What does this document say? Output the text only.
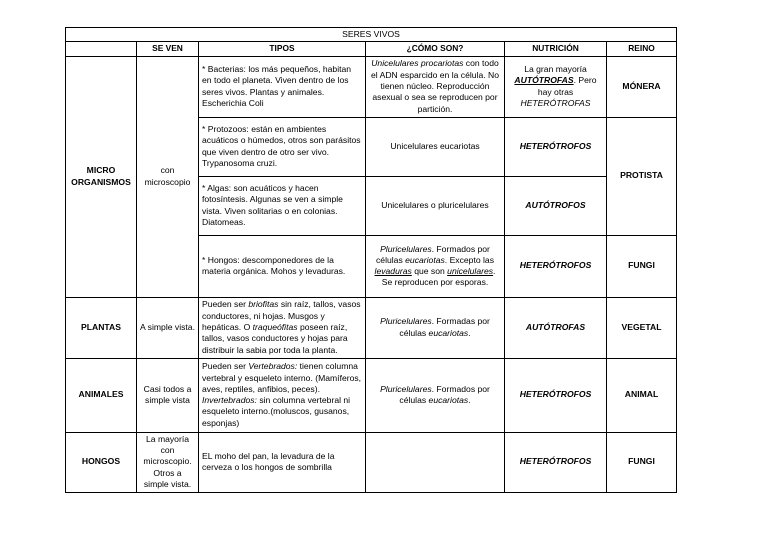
SERES VIVOS					
	SE VEN	TIPOS	¿CÓMO SON?	NUTRICIÓN	REINO
MICRO ORGANISMOS	con microscopio	* Bacterias: los más pequeños, habitan en todo el planeta. Viven dentro de los seres vivos. Plantas y animales. Escherichia Coli	Unicelulares procariotas con todo el ADN esparcido en la célula. No tienen núcleo. Reproducción asexual o sea se reproducen por partición.	La gran mayoría AUTÓTROFAS. Pero hay otras HETERÓTROFAS	MÓNERA
		* Protozoos: están en ambientes acuáticos o húmedos, otros son parásitos que viven dentro de otro ser vivo. Trypanosoma cruzi.	Unicelulares eucariotas	HETERÓTROFOS	PROTISTA
		* Algas: son acuáticos y hacen fotosíntesis. Algunas se ven a simple vista. Viven solitarias o en colonias. Diatomeas.	Unicelulares o pluricelulares	AUTÓTROFOS	
		* Hongos: descomponedores de la materia orgánica. Mohos y levaduras.	Pluricelulares. Formados por células eucariotas. Excepto las levaduras que son unicelulares. Se reproducen por esporas.	HETERÓTROFOS	FUNGI
PLANTAS	A simple vista.	Pueden ser briofitas sin raíz, tallos, vasos conductores, ni hojas. Musgos y hepáticas. O traqueófitas poseen raíz, tallos, vasos conductores y hojas para distribuir la sabia por toda la planta.	Pluricelulares. Formadas por células eucariotas.	AUTÓTROFAS	VEGETAL
ANIMALES	Casi todos a simple vista	Pueden ser Vertebrados: tienen columna vertebral y esqueleto interno. (Mamíferos, aves, reptiles, anfibios, peces). Invertebrados: sin columna vertebral ni esqueleto interno.(moluscos, gusanos, esponjas)	Pluricelulares. Formados por células eucariotas.	HETERÓTROFOS	ANIMAL
HONGOS	La mayoría con microscopio. Otros a simple vista.	EL moho del pan, la levadura de la cerveza o los hongos de sombrilla		HETERÓTROFOS	FUNGI
